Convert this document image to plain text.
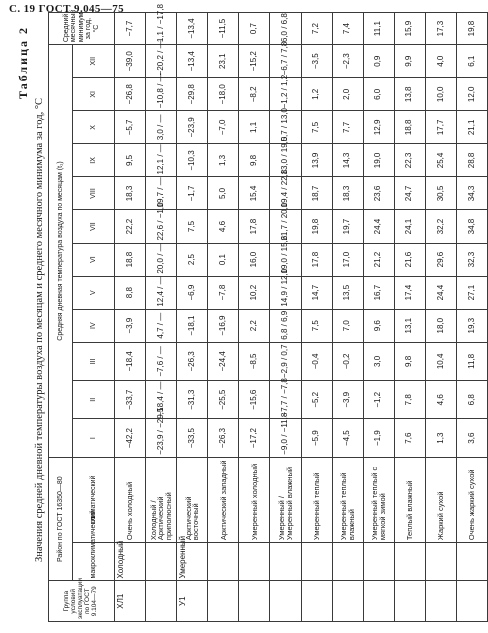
С. 19 ГОСТ 9.045—75
Таблица 2
Значения средней дневной температуры воздуха по месяцам и среднего месячного минимума за год, °С
Группа условий эксплуатации по ГОСТ 9.104—79	Район по ГОСТ 16350—80		Средняя дневная температура воздуха по месяцам (t₁)												Средний месячный минимум за год, °С
	макроклиматический	климатический	I	II	III	IV	V	VI	VII	VIII	IX	X	XI	XII	
ХЛ1	Холодный	Очень холодный	−42,2	−33,7	−18,4	−3,9	8,8	18,8	22,2	18,3	9,5	−5,7	−26,8	−39,0	−7,7
		Холодный / Арктический приполюсный	−23,9 / −29,5	−18,4 / —	−7,6 / —	4,7 / —	12,4 / —	20,0 / —	22,6 / −1,0	19,7 / —	12,1 / —	3,0 / —	−10,8 / —	−20,2 / —	1,1 / −17,8
У1	Умеренный	Арктический восточный	−33,5	−31,3	−26,3	−18,1	−6,9	2,5	7,5	−1,7	−10,3	−23,9	−29,8	−13,4	−13,4
		Арктический западный	−26,3	−25,5	−24,4	−16,9	−7,8	0,1	4,6	5,0	1,3	−7,0	−18,0	23,1	−11,5
		Умеренный холодный	−17,2	−15,6	−8,5	2,2	10,2	16,0	17,8	15,4	9,8	1,1	−8,2	−15,2	0,7
		Умеренный / Умеренный влажный	−9,0 / −11,8	−7,7 / −7,8	−2,9 / 0,7	6,8 / 6,9	14,9 / 12,0	19,0 / 15,6	21,7 / 20,0	19,4 / 22,8	13,0 / 19,0	5,7 / 13,0	−1,2 / 1,2	−6,7 / 7,8	6,0 / 6,8
		Умеренный теплый	−5,9	−5,2	−0,4	7,5	14,7	17,8	19,8	18,7	13,9	7,5	1,2	−3,5	7,2
		Умеренный теплый влажный	−4,5	−3,9	−0,2	7,0	13,5	17,0	19,7	18,3	14,3	7,7	2,0	−2,3	7,4
		Умеренный теплый с мягкой зимой	−1,9	−1,2	3,0	9,6	16,7	21,2	24,4	23,6	19,0	12,9	6,0	0,9	11,1
		Теплый влажный	7,6	7,8	9,8	13,1	17,4	21,6	24,1	24,7	22,3	18,8	13,8	9,9	15,9
		Жаркий сухой	1,3	4,6	10,4	18,0	24,4	29,6	32,2	30,5	25,4	17,7	10,0	4,0	17,3
		Очень жаркий сухой	3,6	6,8	11,8	19,3	27,1	32,3	34,8	34,3	28,8	21,1	12,0	6,1	19,8
